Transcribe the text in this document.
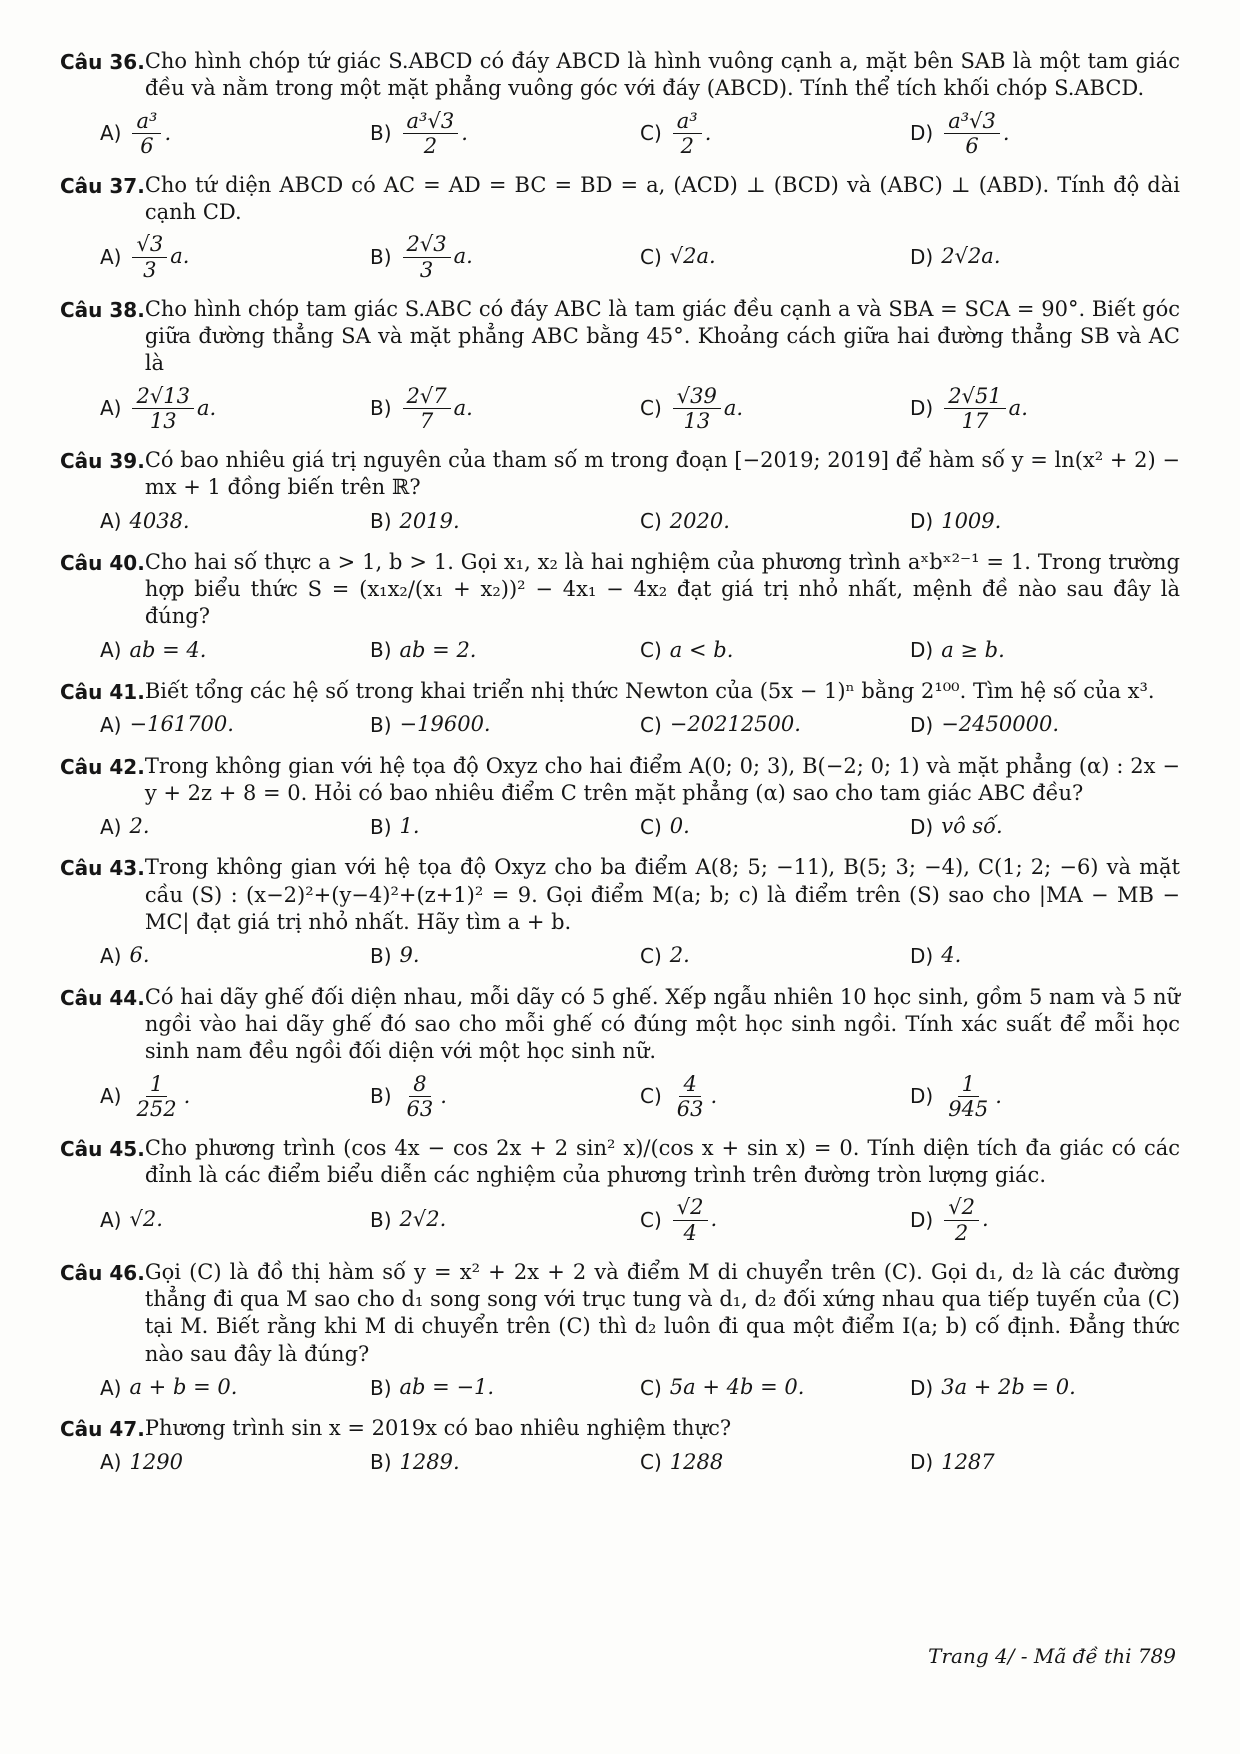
Câu 36. Cho hình chóp tứ giác S.ABCD có đáy ABCD là hình vuông cạnh a, mặt bên SAB là một tam giác đều và nằm trong một mặt phẳng vuông góc với đáy (ABCD). Tính thể tích khối chóp S.ABCD.
$A) \frac{\text{a³}}{6}$ .	$B) \frac{\text{a³√3}}{2}$ .	$C) \frac{\text{a³}}{2}$ .	$D) \frac{\text{a³√3}}{6}$ .
Câu 37. Cho tứ diện ABCD có AC = AD = BC = BD = a, (ACD) ⊥ (BCD) và (ABC) ⊥ (ABD). Tính độ dài cạnh CD.
$A) \frac{√3}{3} a$.	$B) \frac{2√3}{3} a$.	C) √2a.	D) 2√2a.
Câu 38. Cho hình chóp tam giác S.ABC có đáy ABC là tam giác đều cạnh a và SBA = SCA = 90°. Biết góc giữa đường thẳng SA và mặt phẳng ABC bằng 45°. Khoảng cách giữa hai đường thẳng SB và AC là
$A) \frac{2√13}{13} a$.	$B) \frac{2√7}{7} a$.	$C) \frac{√39}{13} a$.	$D) \frac{2√51}{17} a$.
Câu 39. Có bao nhiêu giá trị nguyên của tham số m trong đoạn [−2019; 2019] để hàm số y = ln(x² + 2) − mx + 1 đồng biến trên ℝ?
A) 4038.	B) 2019.	C) 2020.	D) 1009.
Câu 40. Cho hai số thực a > 1, b > 1. Gọi x₁, x₂ là hai nghiệm của phương trình aˣbˣ²⁻¹ = 1. Trong trường hợp biểu thức S = (x₁x₂/(x₁ + x₂))² − 4x₁ − 4x₂ đạt giá trị nhỏ nhất, mệnh đề nào sau đây là đúng?
A) ab = 4.	B) ab = 2.	C) a < b.	D) a ≥ b.
Câu 41. Biết tổng các hệ số trong khai triển nhị thức Newton của (5x − 1)ⁿ bằng 2¹⁰⁰. Tìm hệ số của x³.
A) −161700.	B) −19600.	C) −20212500.	D) −2450000.
Câu 42. Trong không gian với hệ tọa độ Oxyz cho hai điểm A(0; 0; 3), B(−2; 0; 1) và mặt phẳng (α) : 2x − y + 2z + 8 = 0. Hỏi có bao nhiêu điểm C trên mặt phẳng (α) sao cho tam giác ABC đều?
A) 2.	B) 1.	C) 0.	D) vô số.
Câu 43. Trong không gian với hệ tọa độ Oxyz cho ba điểm A(8; 5; −11), B(5; 3; −4), C(1; 2; −6) và mặt cầu (S) : (x−2)²+(y−4)²+(z+1)² = 9. Gọi điểm M(a; b; c) là điểm trên (S) sao cho |MA − MB − MC| đạt giá trị nhỏ nhất. Hãy tìm a + b.
A) 6.	B) 9.	C) 2.	D) 4.
Câu 44. Có hai dãy ghế đối diện nhau, mỗi dãy có 5 ghế. Xếp ngẫu nhiên 10 học sinh, gồm 5 nam và 5 nữ ngồi vào hai dãy ghế đó sao cho mỗi ghế có đúng một học sinh ngồi. Tính xác suất để mỗi học sinh nam đều ngồi đối diện với một học sinh nữ.
$A) \frac{1}{252}$ .	$B) \frac{8}{63}$ .	$C) \frac{4}{63}$ .	$D) \frac{1}{945}$ .
Câu 45. Cho phương trình (cos 4x − cos 2x + 2 sin² x)/(cos x + sin x) = 0. Tính diện tích đa giác có các đỉnh là các điểm biểu diễn các nghiệm của phương trình trên đường tròn lượng giác.
A) √2.	B) 2√2.	$C) \frac{√2}{4}$ .	$D) \frac{√2}{2}$ .
Câu 46. Gọi (C) là đồ thị hàm số y = x² + 2x + 2 và điểm M di chuyển trên (C). Gọi d₁, d₂ là các đường thẳng đi qua M sao cho d₁ song song với trục tung và d₁, d₂ đối xứng nhau qua tiếp tuyến của (C) tại M. Biết rằng khi M di chuyển trên (C) thì d₂ luôn đi qua một điểm I(a; b) cố định. Đẳng thức nào sau đây là đúng?
A) a + b = 0.	B) ab = −1.	C) 5a + 4b = 0.	D) 3a + 2b = 0.
Câu 47. Phương trình sin x = 2019x có bao nhiêu nghiệm thực?
A) 1290	B) 1289.	C) 1288	D) 1287
Trang 4/ - Mã đề thi 789
